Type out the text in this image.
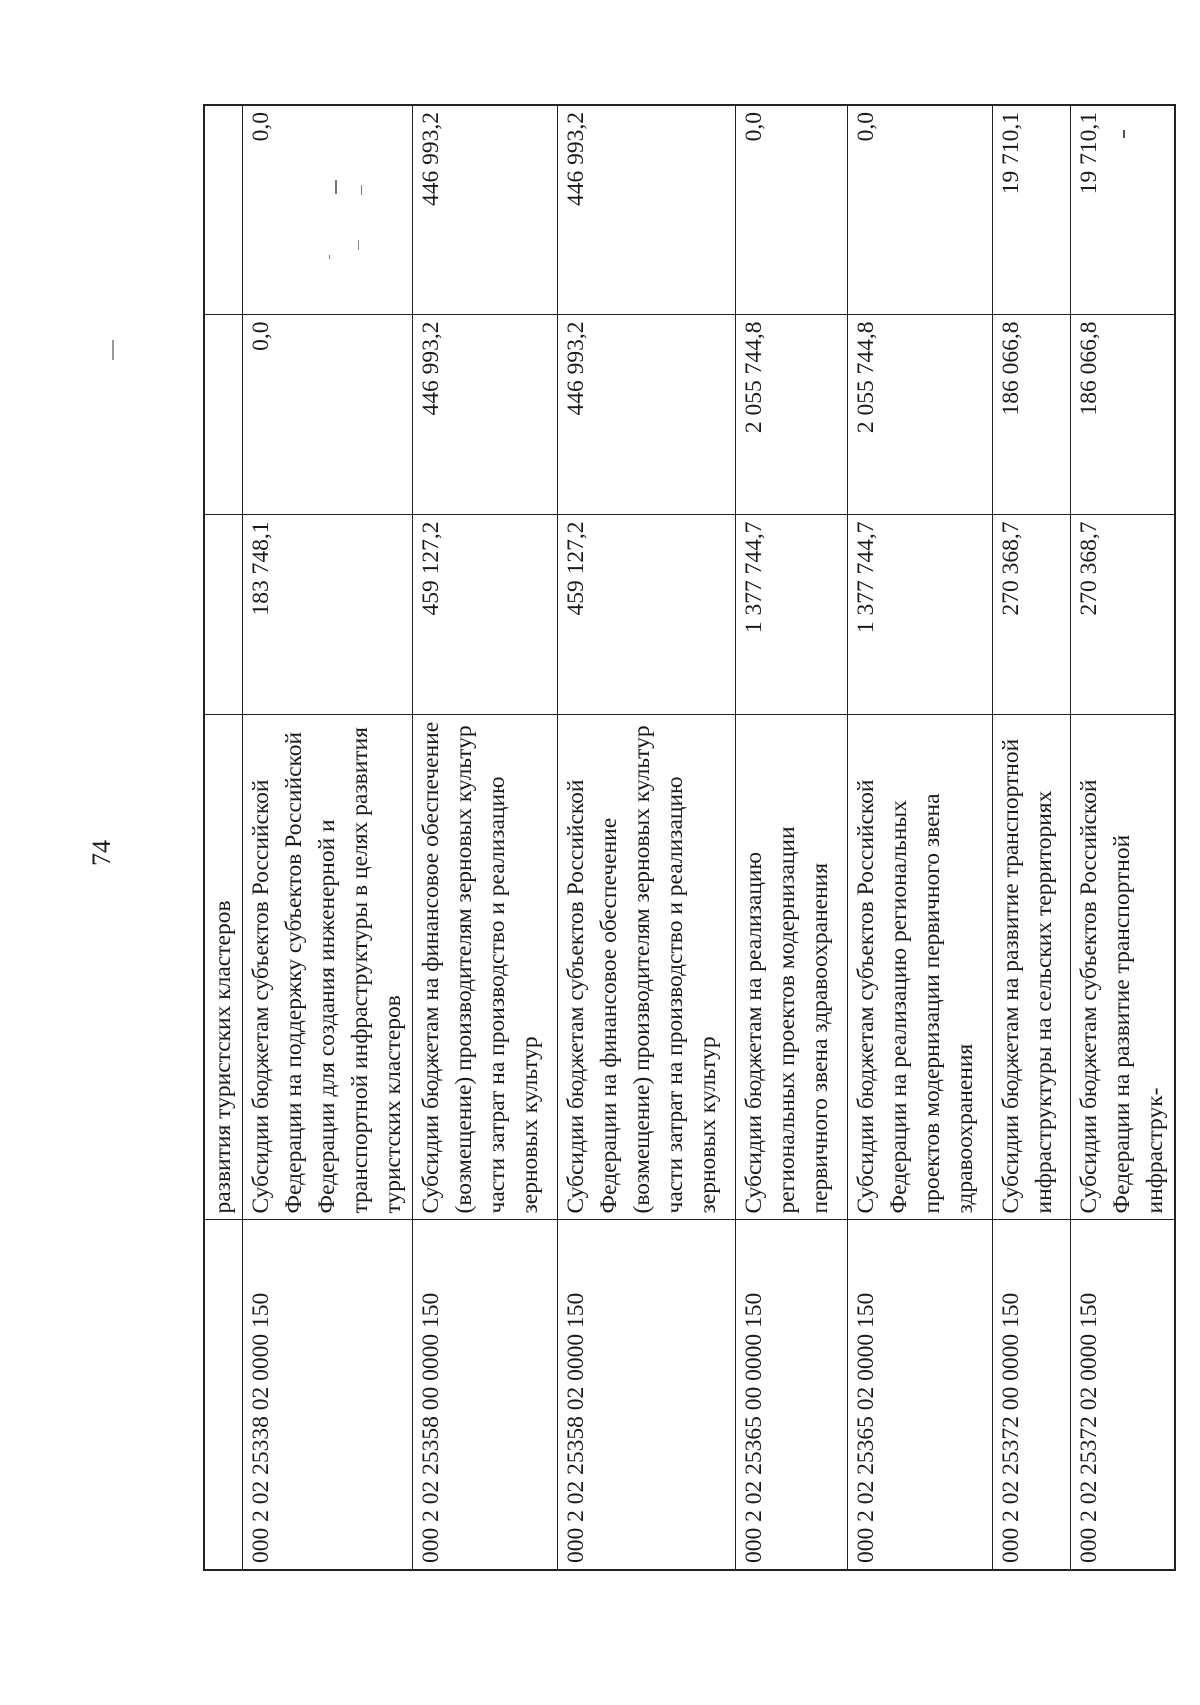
74
	развития туристских кластеров			
000 2 02 25338 02 0000 150	Субсидии бюджетам субъектов Российской Федерации на поддержку субъектов Российской Федерации для создания инженерной и транспортной инфраструктуры в целях развития туристских кластеров	183 748,1	0,0	0,0
000 2 02 25358 00 0000 150	Субсидии бюджетам на финансовое обеспечение (возмещение) производителям зерновых культур части затрат на производство и реализацию зерновых культур	459 127,2	446 993,2	446 993,2
000 2 02 25358 02 0000 150	Субсидии бюджетам субъектов Российской Федерации на финансовое обеспечение (возмещение) производителям зерновых культур части затрат на производство и реализацию зерновых культур	459 127,2	446 993,2	446 993,2
000 2 02 25365 00 0000 150	Субсидии бюджетам на реализацию региональных проектов модернизации первичного звена здравоохранения	1 377 744,7	2 055 744,8	0,0
000 2 02 25365 02 0000 150	Субсидии бюджетам субъектов Российской Федерации на реализацию региональных проектов модернизации первичного звена здравоохранения	1 377 744,7	2 055 744,8	0,0
000 2 02 25372 00 0000 150	Субсидии бюджетам на развитие транспортной инфраструктуры на сельских территориях	270 368,7	186 066,8	19 710,1
000 2 02 25372 02 0000 150	Субсидии бюджетам субъектов Российской Федерации на развитие транспортной инфраструк-	270 368,7	186 066,8	19 710,1
